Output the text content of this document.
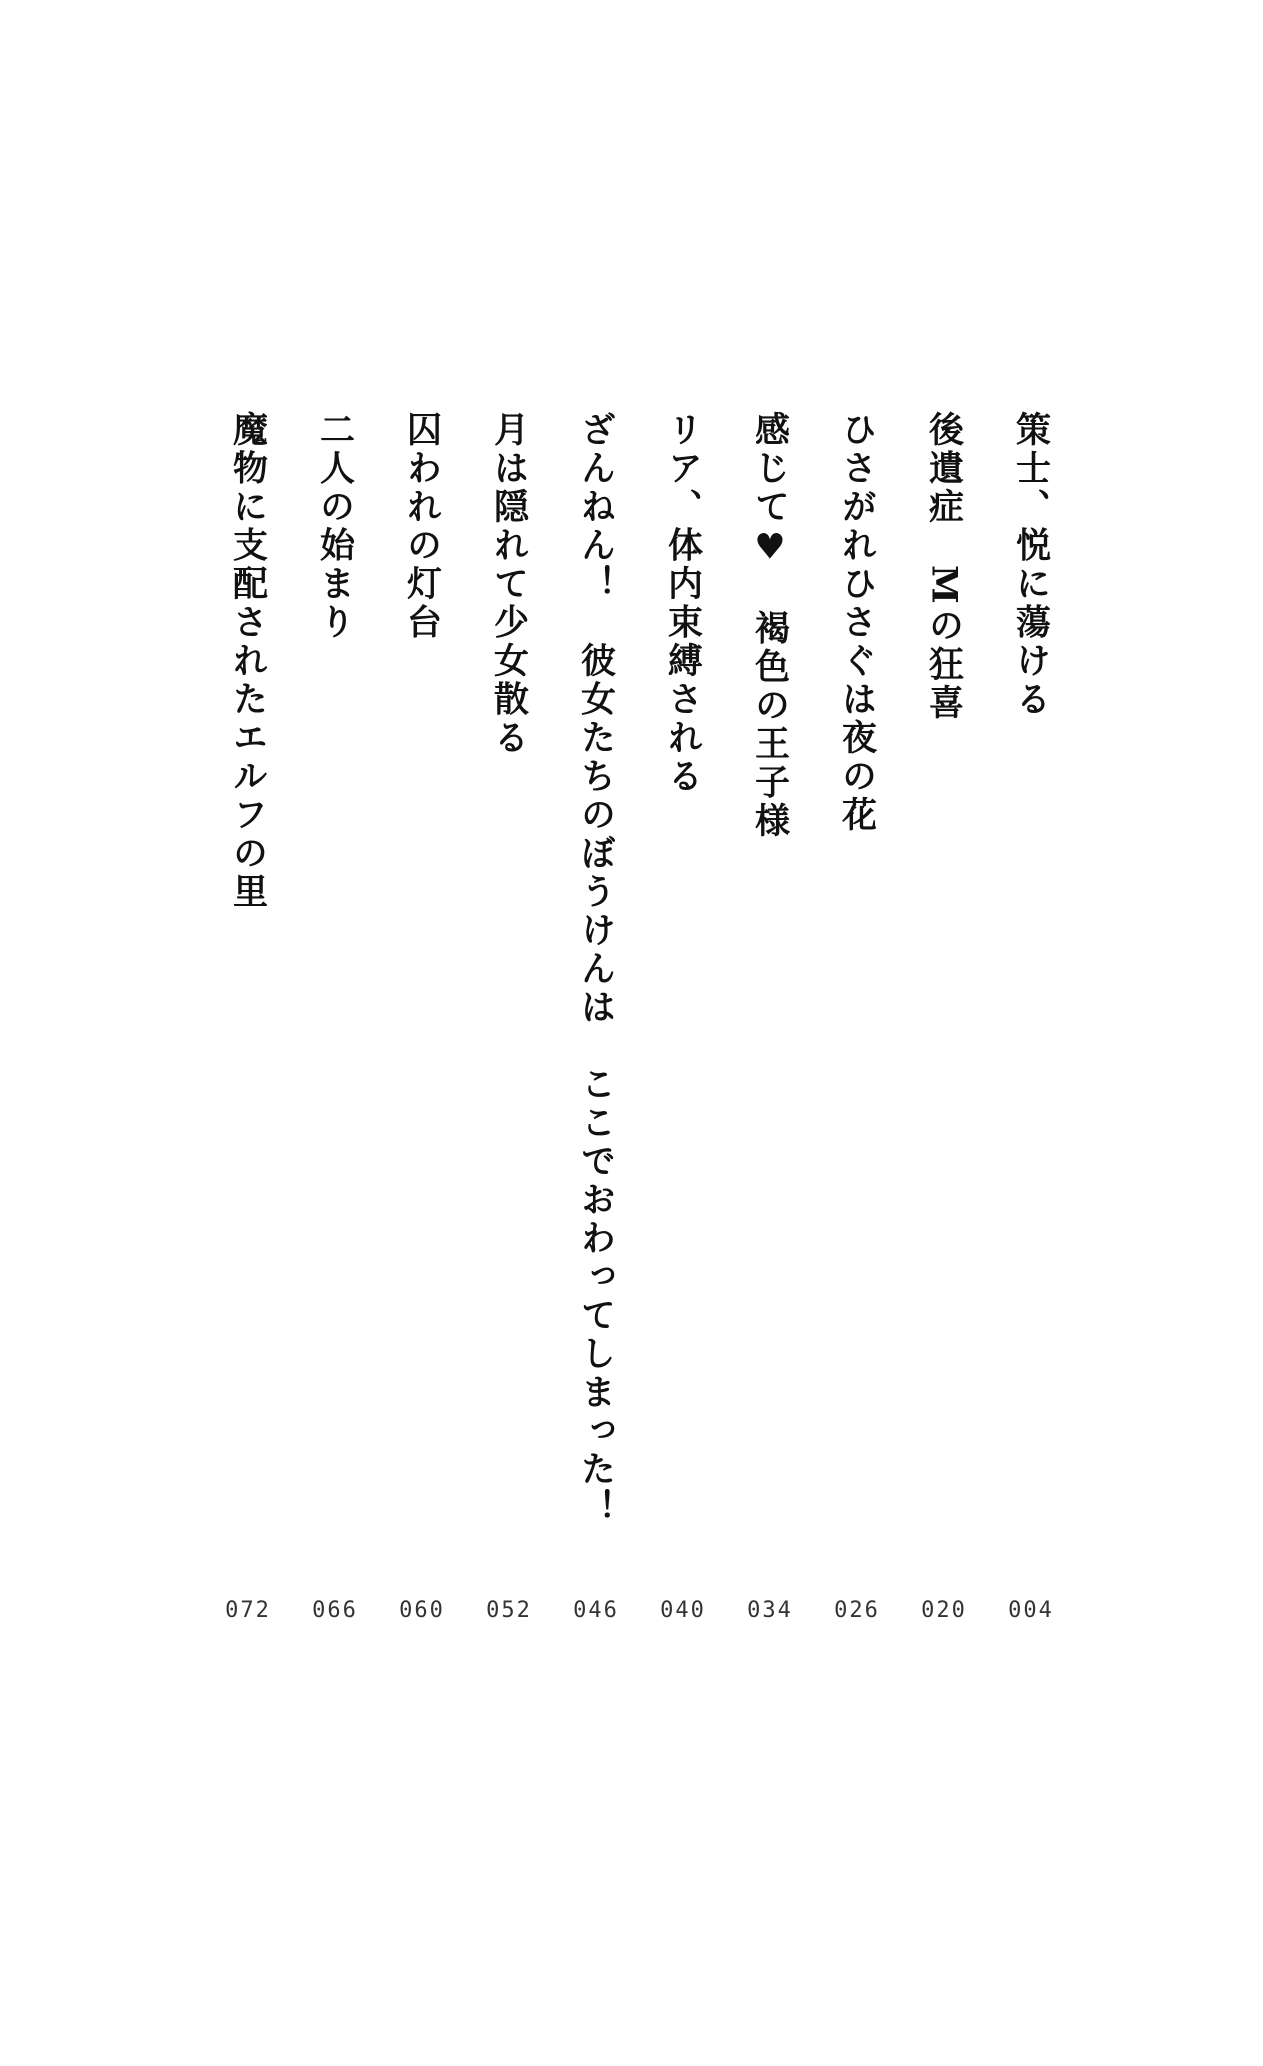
策士、悦に蕩ける
004
後遺症　Mの狂喜
020
ひさがれひさぐは夜の花
026
感じて♥　褐色の王子様
034
リア、体内束縛される
040
ざんねん！　彼女たちのぼうけんは　ここでおわってしまった！
046
月は隠れて少女散る
052
囚われの灯台
060
二人の始まり
066
魔物に支配されたエルフの里
072
